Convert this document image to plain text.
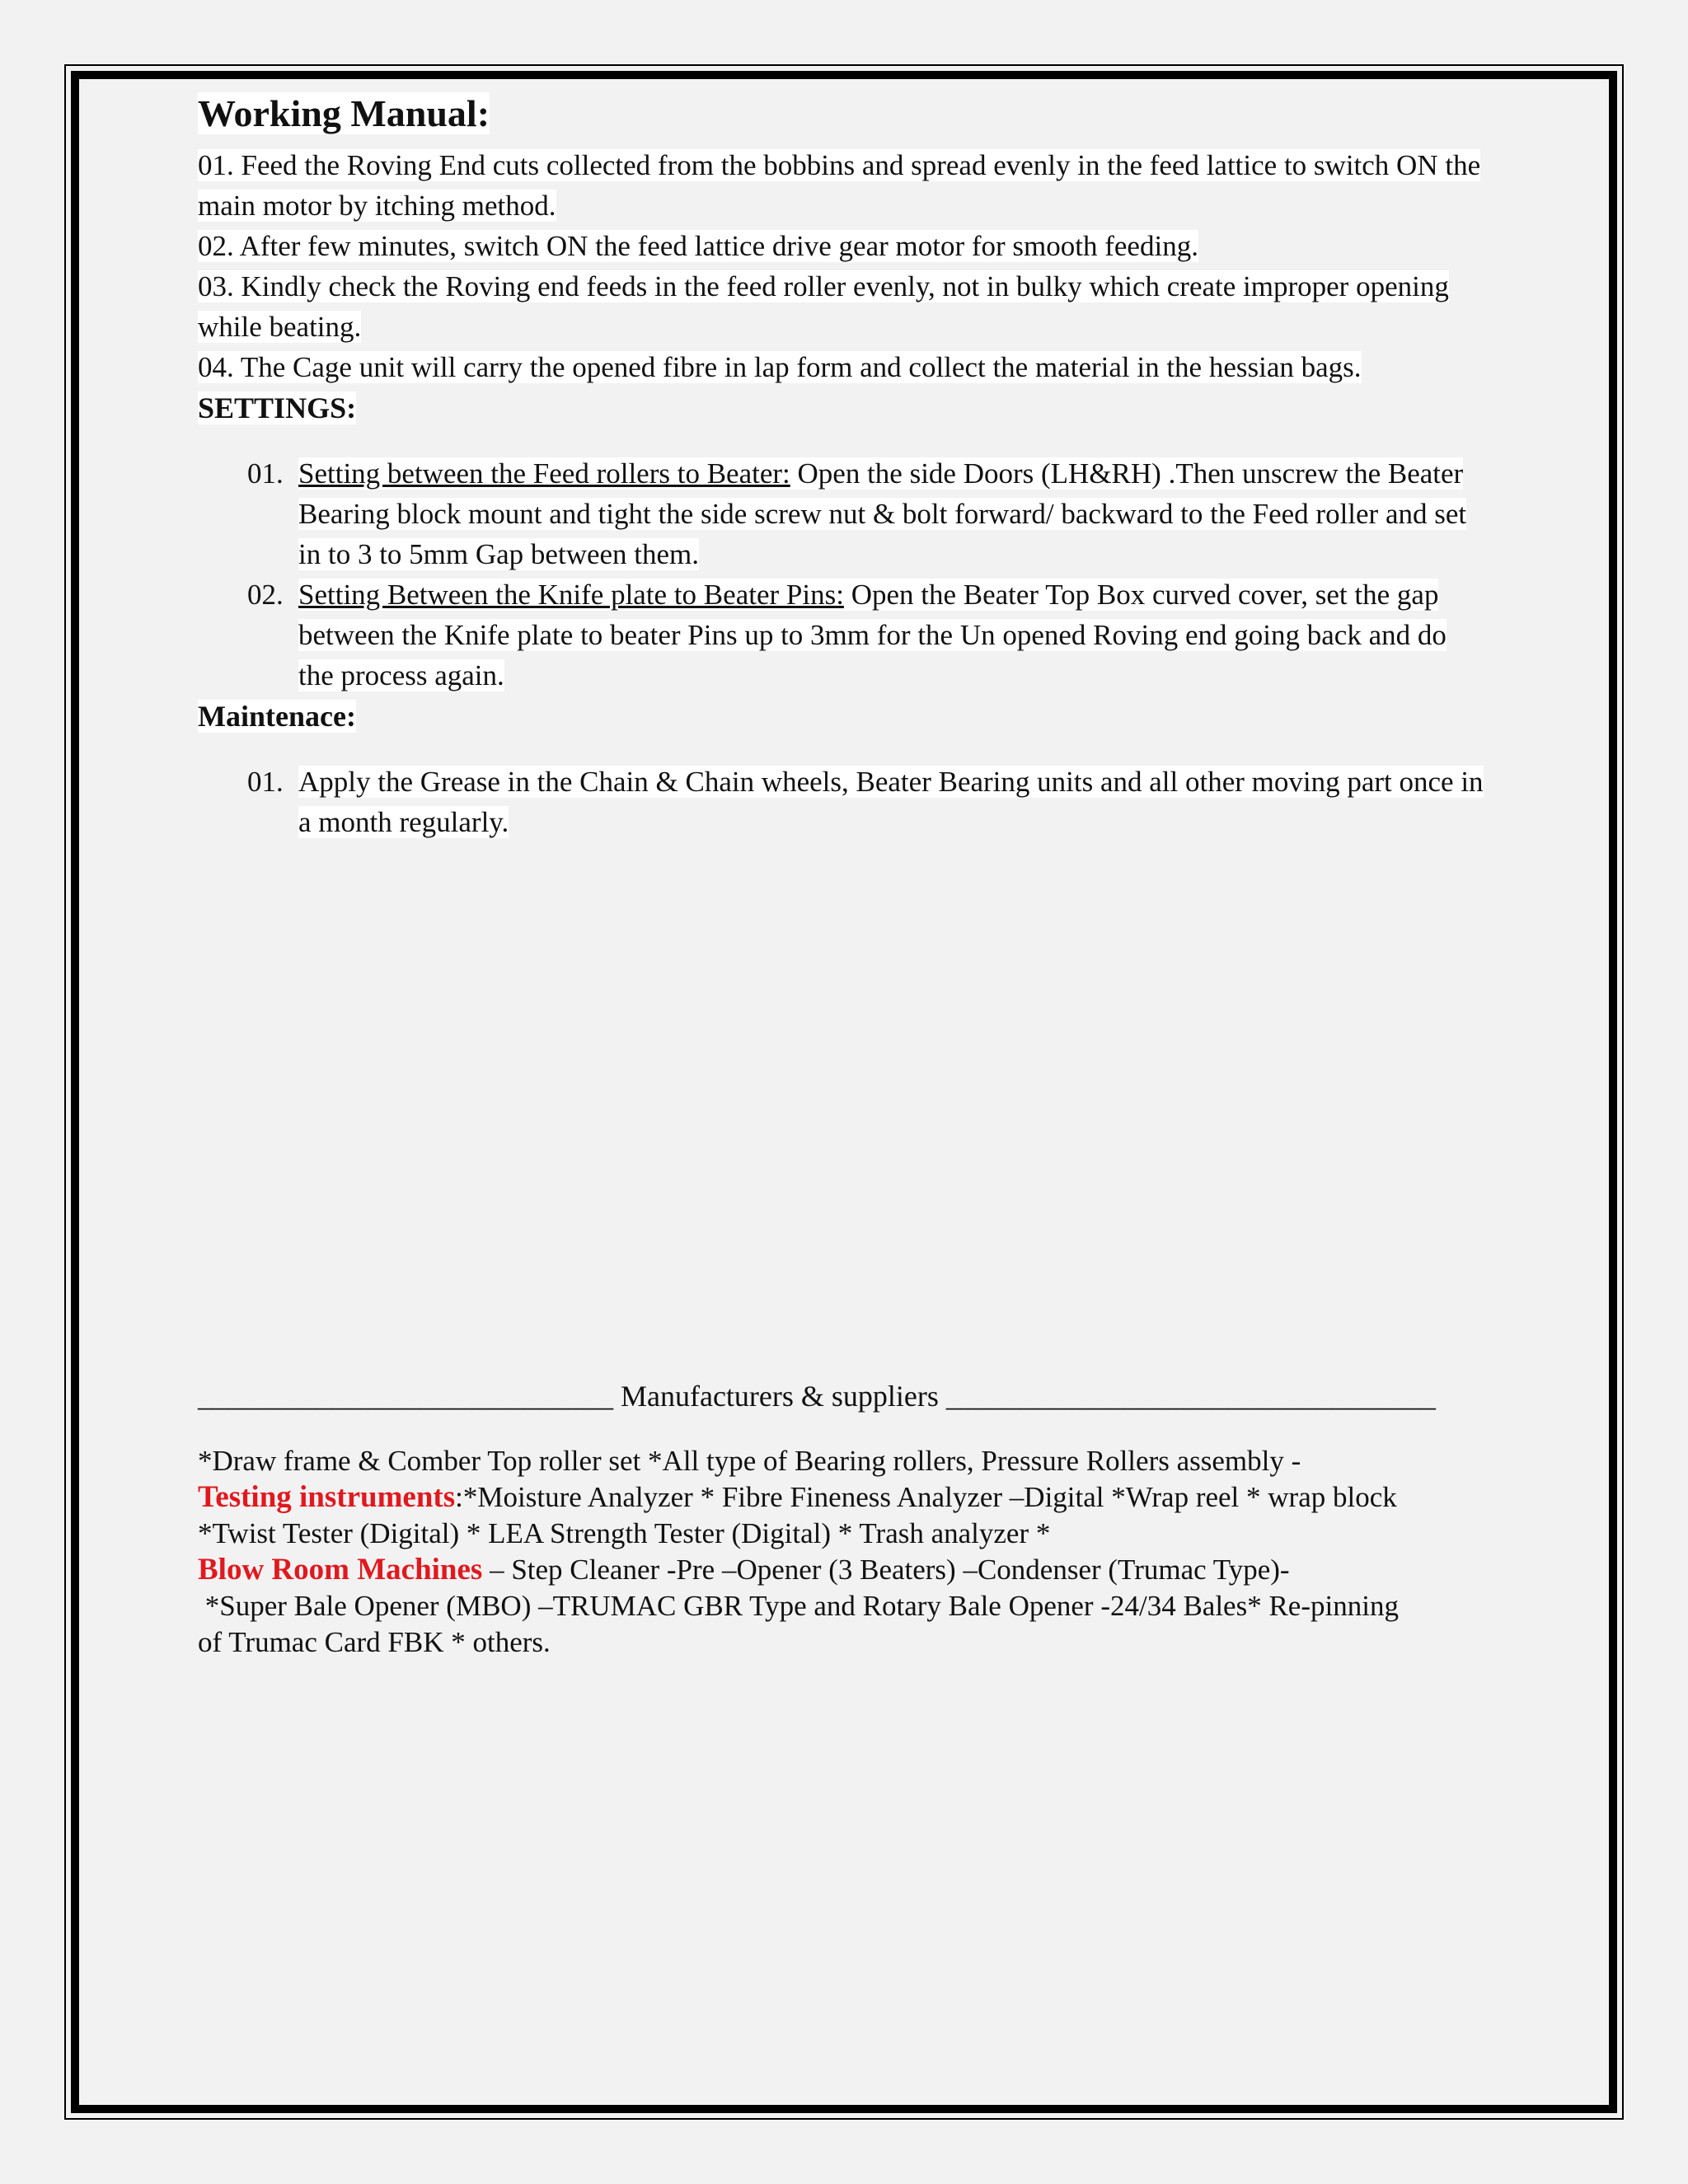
Working Manual:

01. Feed the Roving End cuts collected from the bobbins and spread evenly in the feed lattice to switch ON the main motor by itching method.

02. After few minutes, switch ON the feed lattice drive gear motor for smooth feeding.

03. Kindly check the Roving end feeds in the feed roller evenly, not in bulky which create improper opening while beating.

04. The Cage unit will carry the opened fibre in lap form and collect the material in the hessian bags.

SETTINGS:
01. Setting between the Feed rollers to Beater: Open the side Doors (LH&RH) .Then unscrew the Beater Bearing block mount and tight the side screw nut & bolt forward/ backward to the Feed roller and set in to 3 to 5mm Gap between them.
02. Setting Between the Knife plate to Beater Pins: Open the Beater Top Box curved cover, set the gap between the Knife plate to beater Pins up to 3mm for the Un opened Roving end going back and do the process again.
Maintenace:
01. Apply the Grease in the Chain & Chain wheels, Beater Bearing units and all other moving part once in a month regularly.
____________________________ Manufacturers & suppliers _________________________________
*Draw frame & Comber Top roller set *All type of Bearing rollers, Pressure Rollers assembly -
Testing instruments:*Moisture Analyzer * Fibre Fineness Analyzer –Digital *Wrap reel * wrap block
*Twist Tester (Digital) * LEA Strength Tester (Digital) * Trash analyzer *
Blow Room Machines – Step Cleaner -Pre –Opener (3 Beaters) –Condenser (Trumac Type)-
*Super Bale Opener (MBO) –TRUMAC GBR Type and Rotary Bale Opener -24/34 Bales* Re-pinning
of Trumac Card FBK * others.
